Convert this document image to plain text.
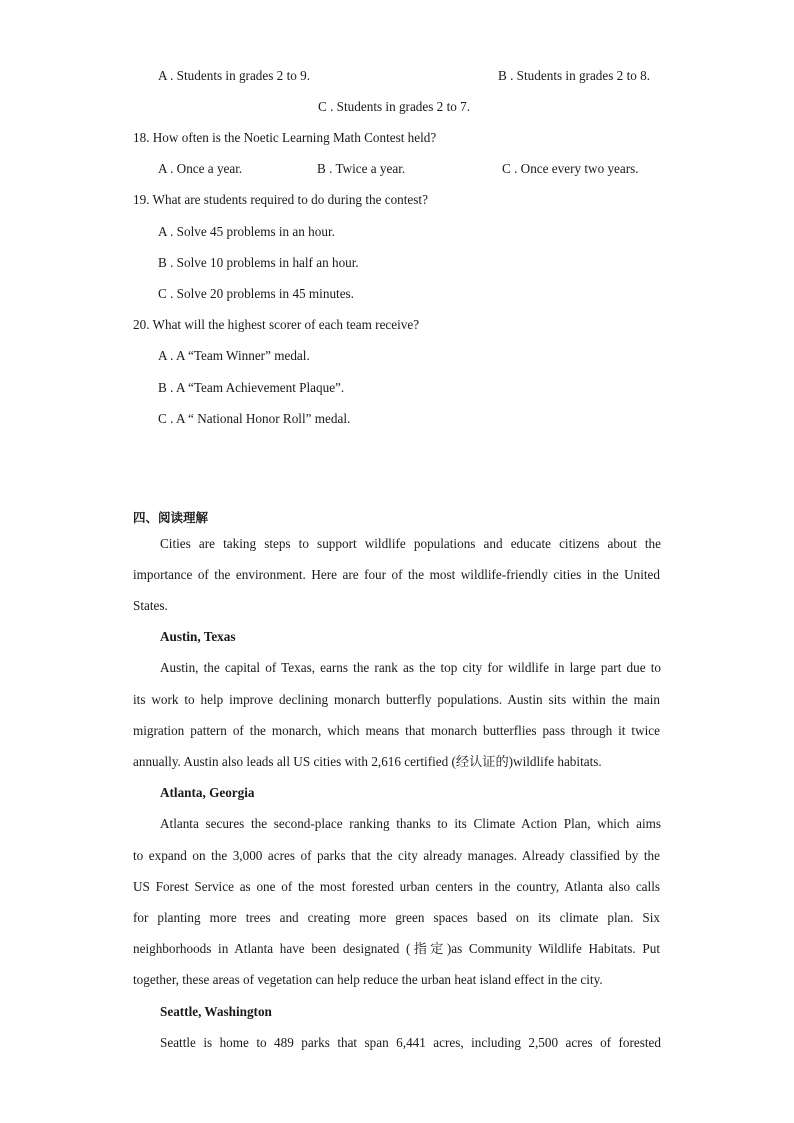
A . Students in grades 2 to 9.	B . Students in grades 2 to 8.
C . Students in grades 2 to 7.
18. How often is the Noetic Learning Math Contest held?
A . Once a year.	B . Twice a year.	C . Once every two years.
19. What are students required to do during the contest?
A . Solve 45 problems in an hour.
B . Solve 10 problems in half an hour.
C . Solve 20 problems in 45 minutes.
20. What will the highest scorer of each team receive?
A . A “Team Winner” medal.
B . A “Team Achievement Plaque”.
C . A “ National Honor Roll” medal.
四、阅读理解
Cities are taking steps to support wildlife populations and educate citizens about the
importance of the environment. Here are four of the most wildlife-friendly cities in the United
States.
Austin, Texas
Austin, the capital of Texas, earns the rank as the top city for wildlife in large part due to
its work to help improve declining monarch butterfly populations. Austin sits within the main
migration pattern of the monarch, which means that monarch butterflies pass through it twice
annually. Austin also leads all US cities with 2,616 certified (经认证的)wildlife habitats.
Atlanta, Georgia
Atlanta secures the second-place ranking thanks to its Climate Action Plan, which aims
to expand on the 3,000 acres of parks that the city already manages. Already classified by the
US Forest Service as one of the most forested urban centers in the country, Atlanta also calls
for planting more trees and creating more green spaces based on its climate plan. Six
neighborhoods in Atlanta have been designated (指定)as Community Wildlife Habitats. Put
together, these areas of vegetation can help reduce the urban heat island effect in the city.
Seattle, Washington
Seattle is home to 489 parks that span 6,441 acres, including 2,500 acres of forested
